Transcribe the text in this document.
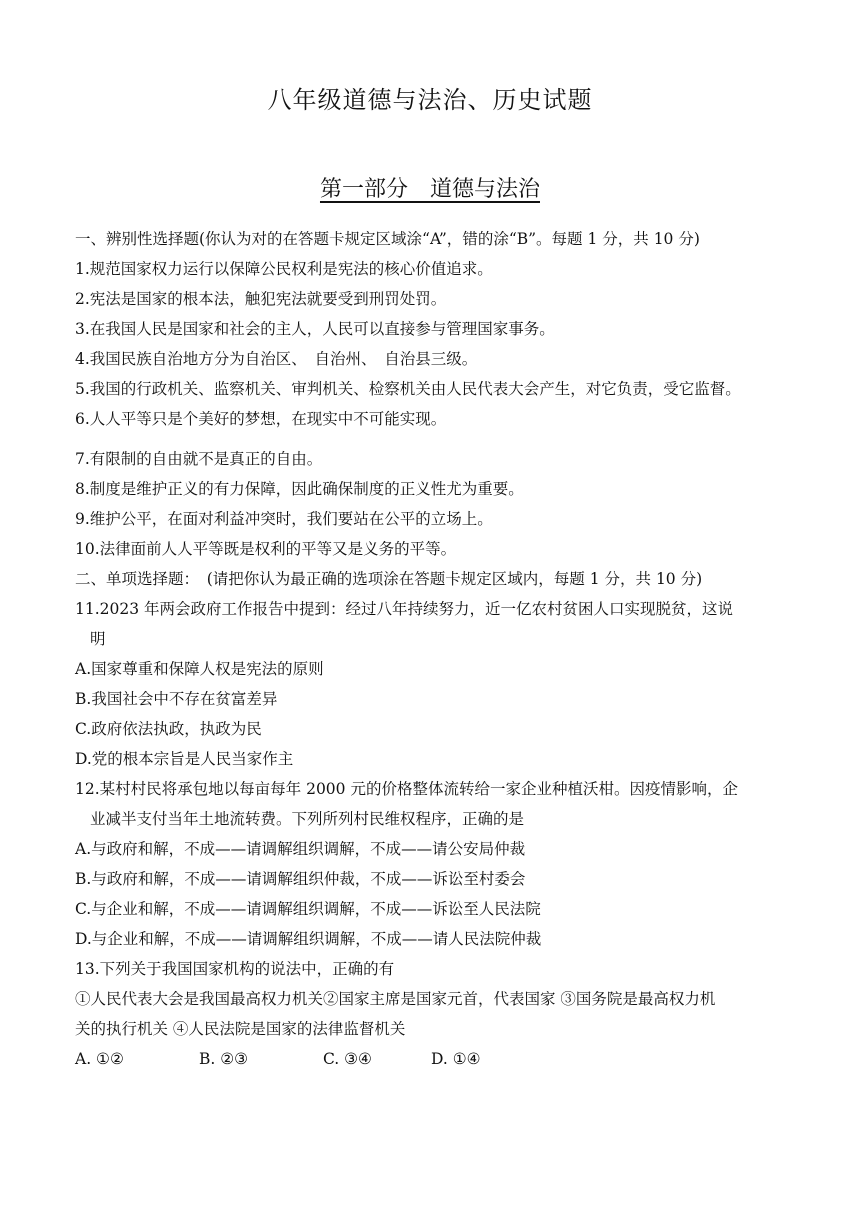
八年级道德与法治、历史试题
第一部分　道德与法治
一、辨别性选择题(你认为对的在答题卡规定区域涂“A”，错的涂“B”。每题 1 分，共 10 分)
1.规范国家权力运行以保障公民权利是宪法的核心价值追求。
2.宪法是国家的根本法，触犯宪法就要受到刑罚处罚。
3.在我国人民是国家和社会的主人，人民可以直接参与管理国家事务。
4.我国民族自治地方分为自治区、　自治州、　自治县三级。
5.我国的行政机关、监察机关、审判机关、检察机关由人民代表大会产生，对它负责，受它监督。
6.人人平等只是个美好的梦想，在现实中不可能实现。
7.有限制的自由就不是真正的自由。
8.制度是维护正义的有力保障，因此确保制度的正义性尤为重要。
9.维护公平，在面对利益冲突时，我们要站在公平的立场上。
10.法律面前人人平等既是权利的平等又是义务的平等。
二、单项选择题：　(请把你认为最正确的选项涂在答题卡规定区域内，每题 1 分，共 10 分)
11.2023 年两会政府工作报告中提到：经过八年持续努力，近一亿农村贫困人口实现脱贫，这说
明
A.国家尊重和保障人权是宪法的原则
B.我国社会中不存在贫富差异
C.政府依法执政，执政为民
D.党的根本宗旨是人民当家作主
12.某村村民将承包地以每亩每年 2000 元的价格整体流转给一家企业种植沃柑。因疫情影响，企
业减半支付当年土地流转费。下列所列村民维权程序，正确的是
A.与政府和解，不成——请调解组织调解，不成——请公安局仲裁
B.与政府和解，不成——请调解组织仲裁，不成——诉讼至村委会
C.与企业和解，不成——请调解组织调解，不成——诉讼至人民法院
D.与企业和解，不成——请调解组织调解，不成——请人民法院仲裁
13.下列关于我国国家机构的说法中，正确的有
①人民代表大会是我国最高权力机关②国家主席是国家元首，代表国家 ③国务院是最高权力机
关的执行机关 ④人民法院是国家的法律监督机关
A. ①②	B. ②③	C. ③④	D. ①④
